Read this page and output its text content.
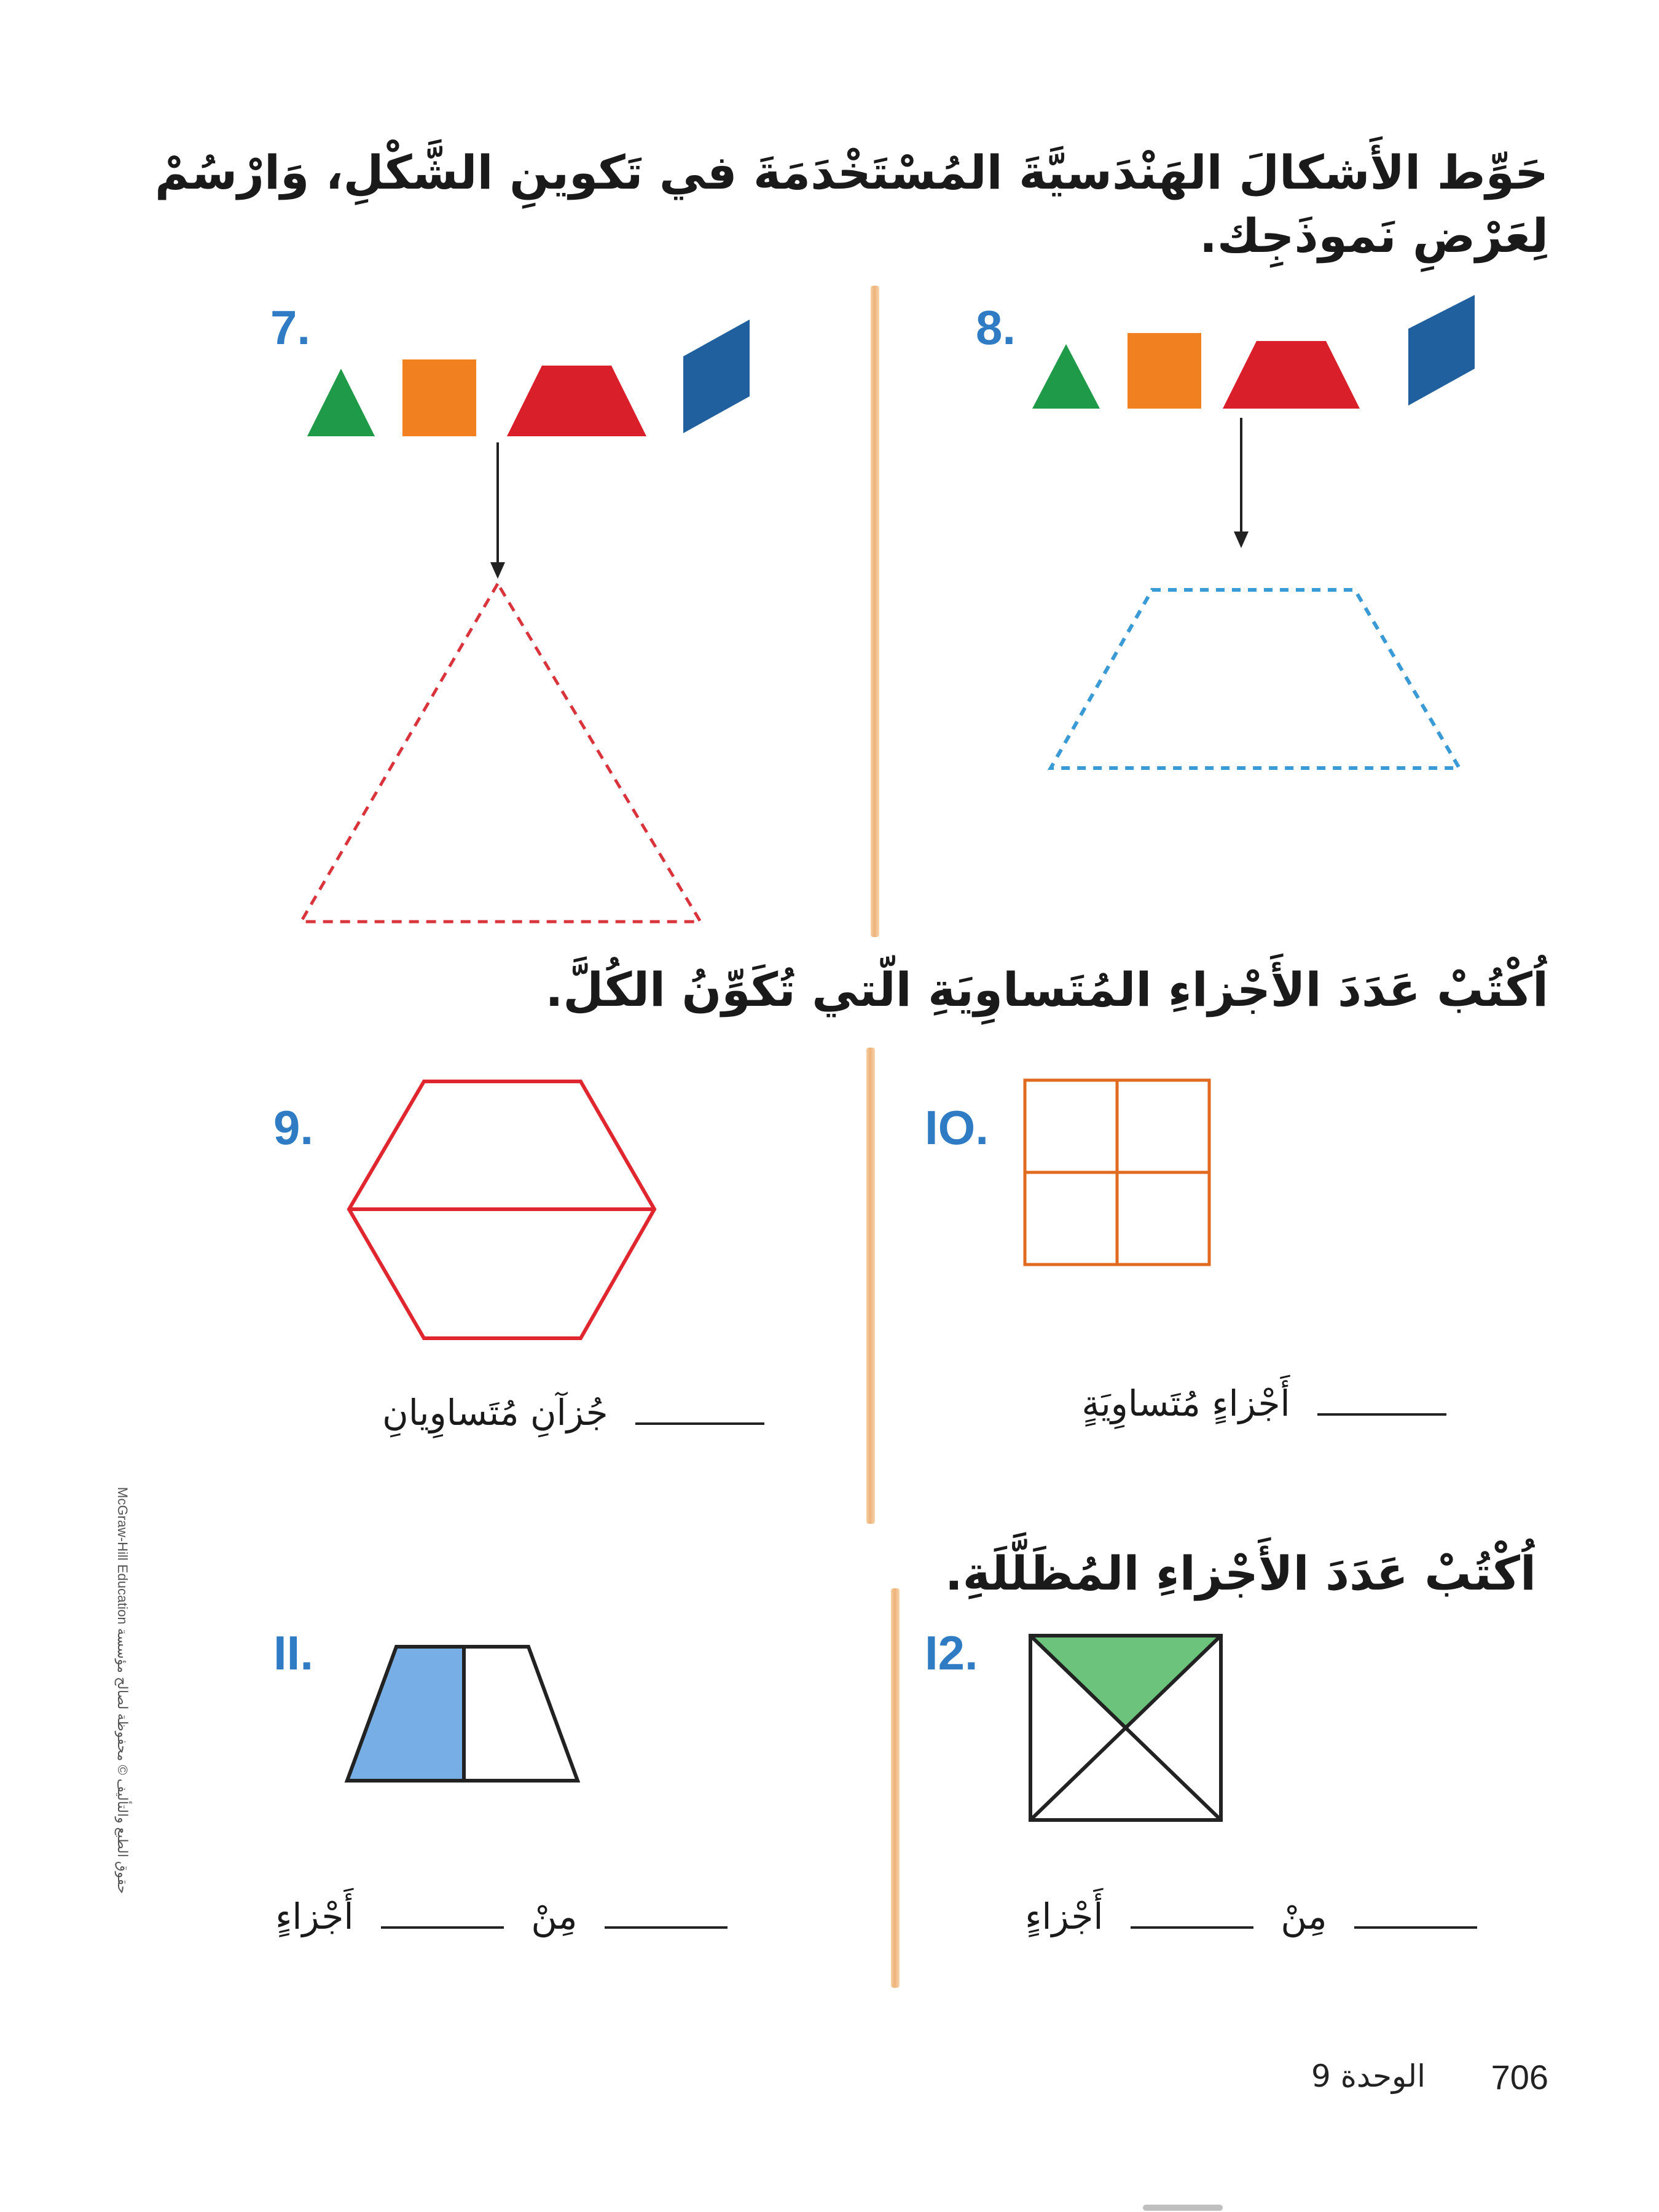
حَوِّط الأَشكالَ الهَنْدَسيَّةَ المُسْتَخْدَمَةَ في تَكوينِ الشَّكْلِ، وَارْسُمْ لِعَرْضِ نَموذَجِك.
7.	8.
اُكْتُبْ عَدَدَ الأَجْزاءِ المُتَساوِيَةِ الّتي تُكَوِّنُ الكُلَّ.
9.
جُزآنِ مُتَساوِيانِ
IO.
أَجْزاءٍ مُتَساوِيَةٍ
اُكْتُبْ عَدَدَ الأَجْزاءِ المُظَلَّلَةِ.
II.
مِنْ  أَجْزاءٍ
I2.
مِنْ  أَجْزاءٍ
حقوق الطبع والتأليف © محفوظة لصالح مؤسسة McGraw-Hill Education
الوحدة 9 706
